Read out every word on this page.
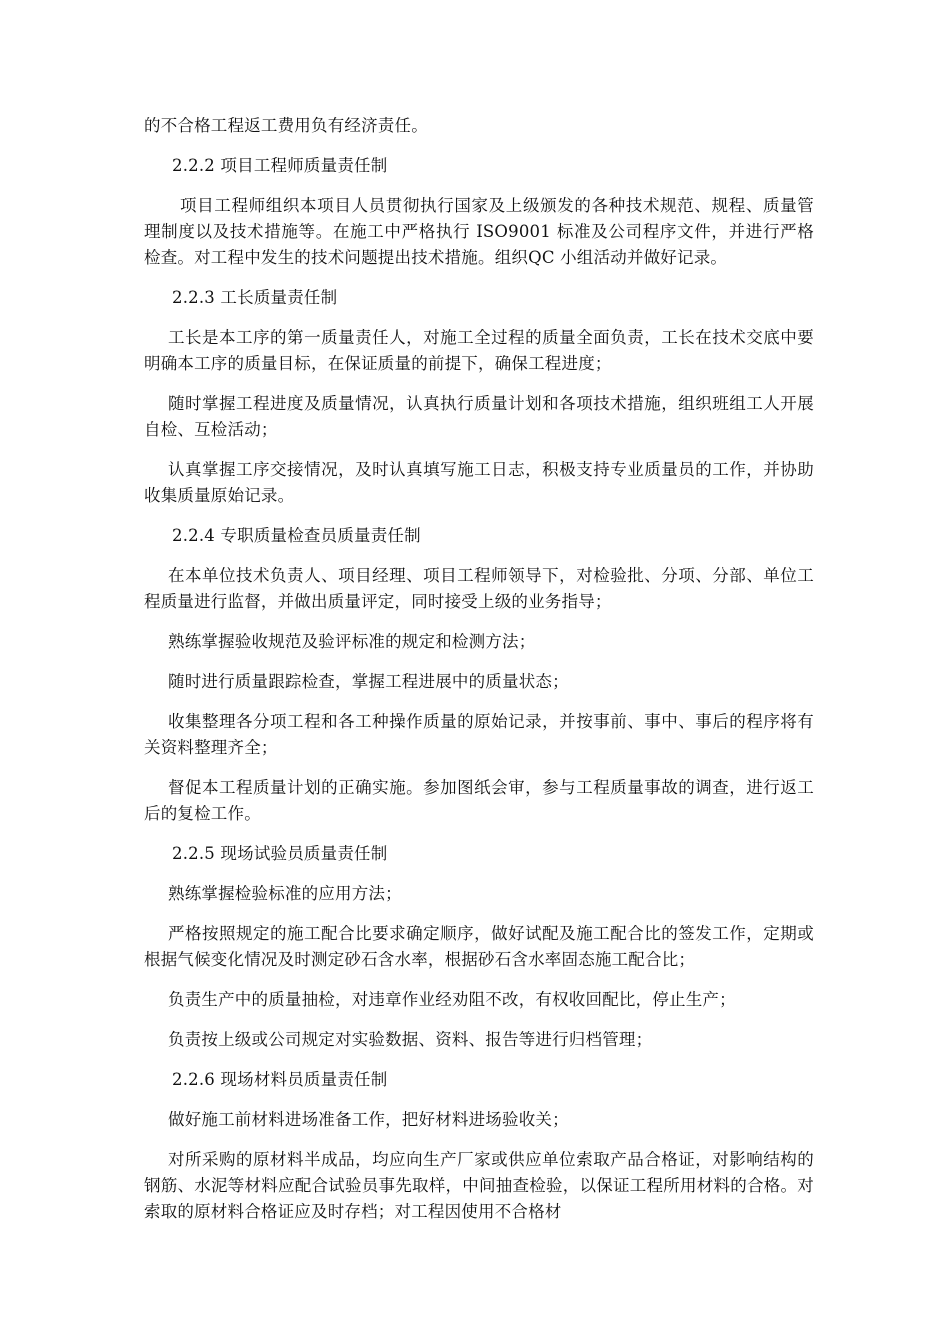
的不合格工程返工费用负有经济责任。

2.2.2 项目工程师质量责任制

项目工程师组织本项目人员贯彻执行国家及上级颁发的各种技术规范、规程、质量管理制度以及技术措施等。在施工中严格执行 ISO9001 标准及公司程序文件，并进行严格检查。对工程中发生的技术问题提出技术措施。组织QC 小组活动并做好记录。

2.2.3 工长质量责任制

工长是本工序的第一质量责任人，对施工全过程的质量全面负责，工长在技术交底中要明确本工序的质量目标，在保证质量的前提下，确保工程进度；

随时掌握工程进度及质量情况，认真执行质量计划和各项技术措施，组织班组工人开展自检、互检活动；

认真掌握工序交接情况，及时认真填写施工日志，积极支持专业质量员的工作，并协助收集质量原始记录。

2.2.4 专职质量检查员质量责任制

在本单位技术负责人、项目经理、项目工程师领导下，对检验批、分项、分部、单位工程质量进行监督，并做出质量评定，同时接受上级的业务指导；

熟练掌握验收规范及验评标准的规定和检测方法；

随时进行质量跟踪检查，掌握工程进展中的质量状态；

收集整理各分项工程和各工种操作质量的原始记录，并按事前、事中、事后的程序将有关资料整理齐全；

督促本工程质量计划的正确实施。参加图纸会审，参与工程质量事故的调查，进行返工后的复检工作。

2.2.5 现场试验员质量责任制

熟练掌握检验标准的应用方法；

严格按照规定的施工配合比要求确定顺序，做好试配及施工配合比的签发工作，定期或根据气候变化情况及时测定砂石含水率，根据砂石含水率固态施工配合比；

负责生产中的质量抽检，对违章作业经劝阻不改，有权收回配比，停止生产；

负责按上级或公司规定对实验数据、资料、报告等进行归档管理；

2.2.6 现场材料员质量责任制

做好施工前材料进场准备工作，把好材料进场验收关；

对所采购的原材料半成品，均应向生产厂家或供应单位索取产品合格证，对影响结构的钢筋、水泥等材料应配合试验员事先取样，中间抽查检验，以保证工程所用材料的合格。对索取的原材料合格证应及时存档；对工程因使用不合格材
